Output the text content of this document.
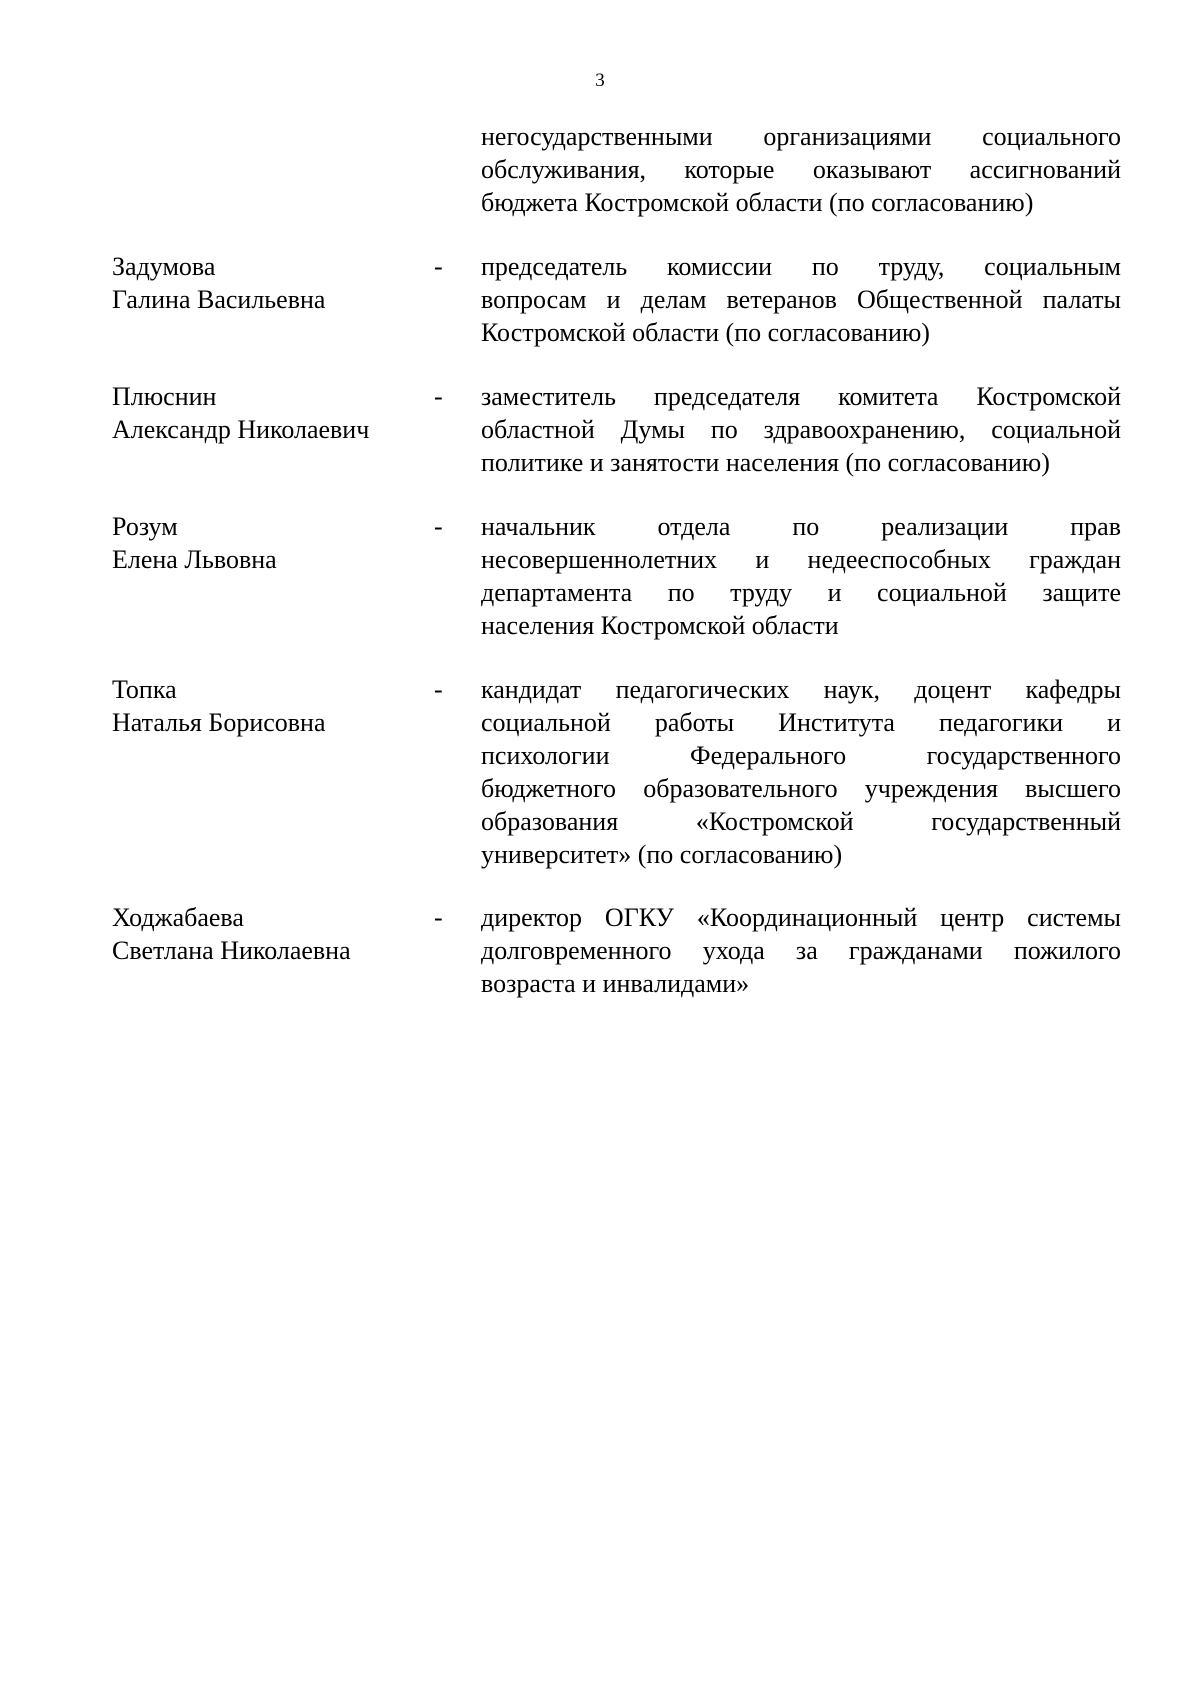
3
негосударственными организациями социального
обслуживания, которые оказывают ассигнований
бюджета Костромской области (по согласованию)
Задумова
Галина Васильевна
- председатель комиссии по труду, социальным
вопросам и делам ветеранов Общественной палаты
Костромской области (по согласованию)
Плюснин
Александр Николаевич
- заместитель председателя комитета Костромской
областной Думы по здравоохранению, социальной
политике и занятости населения (по согласованию)
Розум
Елена Львовна
- начальник отдела по реализации прав
несовершеннолетних и недееспособных граждан
департамента по труду и социальной защите
населения Костромской области
Топка
Наталья Борисовна
- кандидат педагогических наук, доцент кафедры
социальной работы Института педагогики и
психологии Федерального государственного
бюджетного образовательного учреждения высшего
образования «Костромской государственный
университет» (по согласованию)
Ходжабаева
Светлана Николаевна
- директор ОГКУ «Координационный центр системы
долговременного ухода за гражданами пожилого
возраста и инвалидами»
